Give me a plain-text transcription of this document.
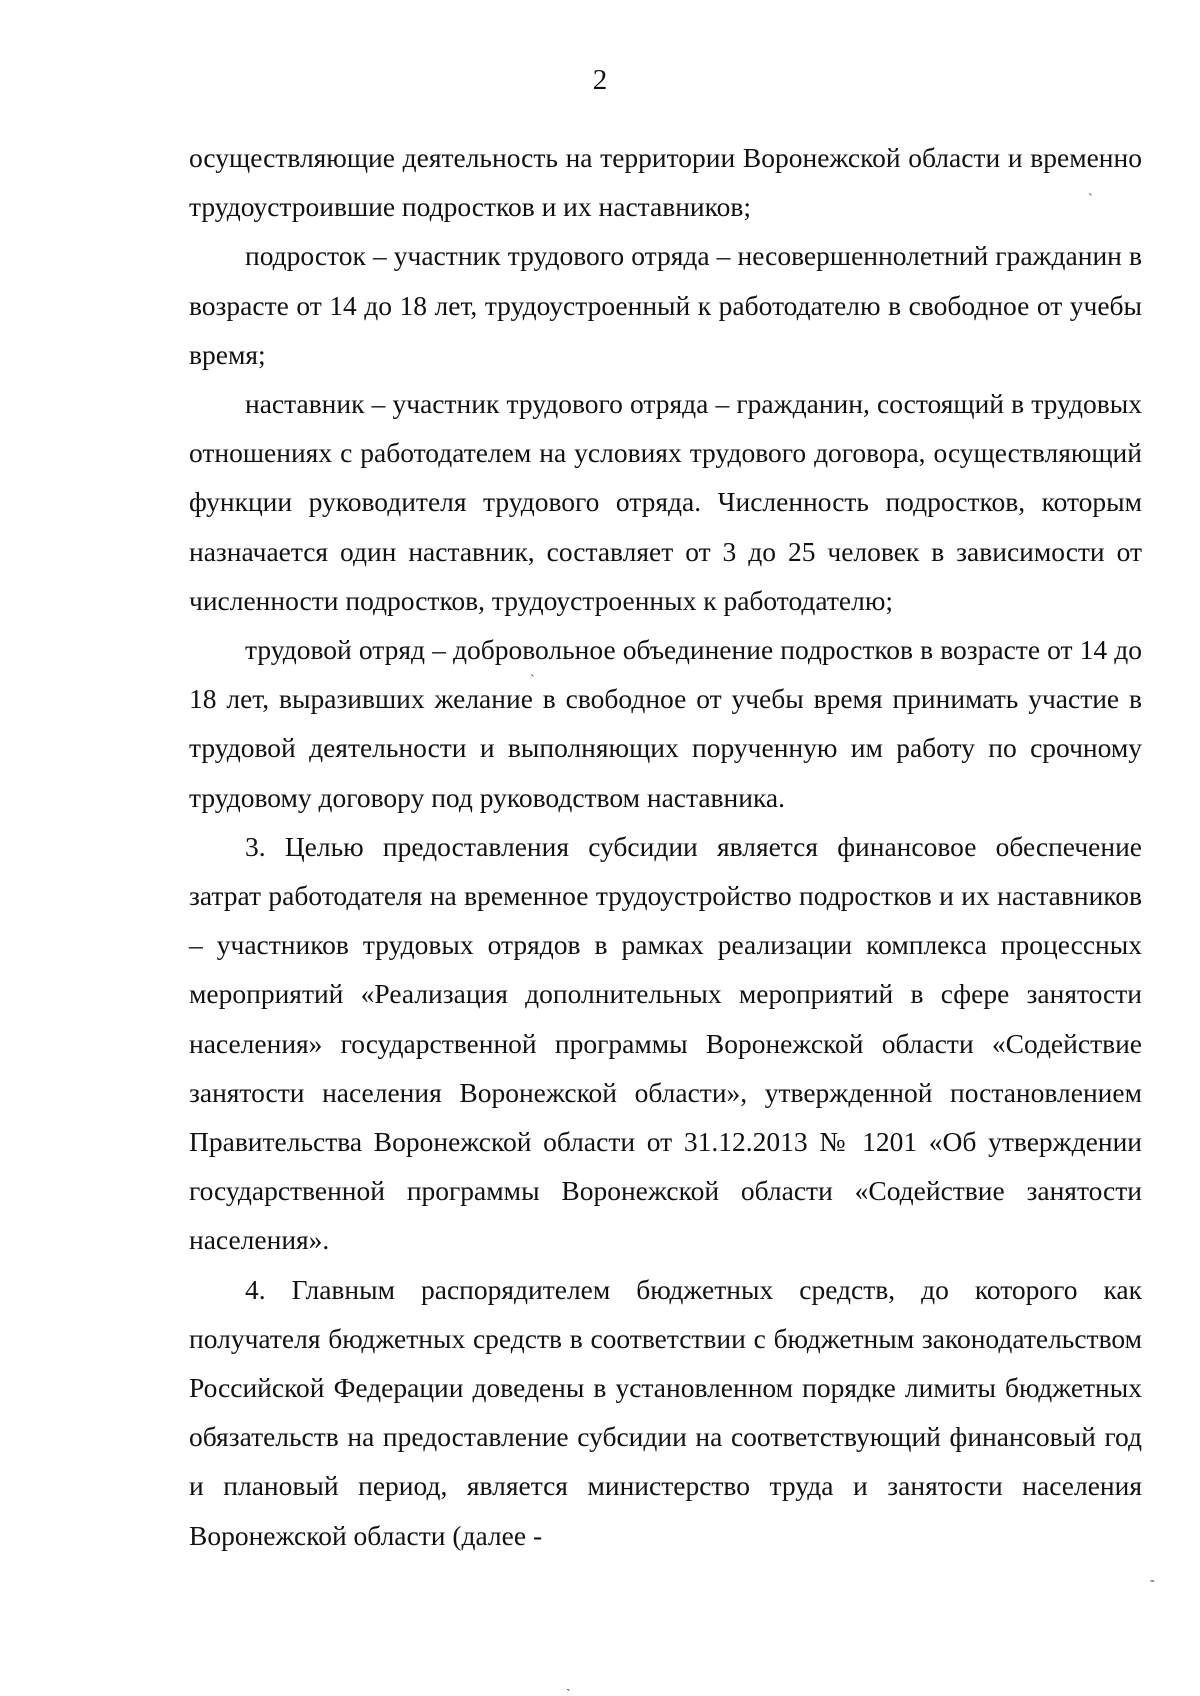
2

осуществляющие деятельность на территории Воронежской области и временно трудоустроившие подростков и их наставников;

подросток – участник трудового отряда – несовершеннолетний гражданин в возрасте от 14 до 18 лет, трудоустроенный к работодателю в свободное от учебы время;

наставник – участник трудового отряда – гражданин, состоящий в трудовых отношениях с работодателем на условиях трудового договора, осуществляющий функции руководителя трудового отряда. Численность подростков, которым назначается один наставник, составляет от 3 до 25 человек в зависимости от численности подростков, трудоустроенных к работодателю;

трудовой отряд – добровольное объединение подростков в возрасте от 14 до 18 лет, выразивших желание в свободное от учебы время принимать участие в трудовой деятельности и выполняющих порученную им работу по срочному трудовому договору под руководством наставника.

3. Целью предоставления субсидии является финансовое обеспечение затрат работодателя на временное трудоустройство подростков и их наставников – участников трудовых отрядов в рамках реализации комплекса процессных мероприятий «Реализация дополнительных мероприятий в сфере занятости населения» государственной программы Воронежской области «Содействие занятости населения Воронежской области», утвержденной постановлением Правительства Воронежской области от 31.12.2013 № 1201 «Об утверждении государственной программы Воронежской области «Содействие занятости населения».

4. Главным распорядителем бюджетных средств, до которого как получателя бюджетных средств в соответствии с бюджетным законодательством Российской Федерации доведены в установленном порядке лимиты бюджетных обязательств на предоставление субсидии на соответствующий финансовый год и плановый период, является министерство труда и занятости населения Воронежской области (далее -

˴
˴
-
ˏ
